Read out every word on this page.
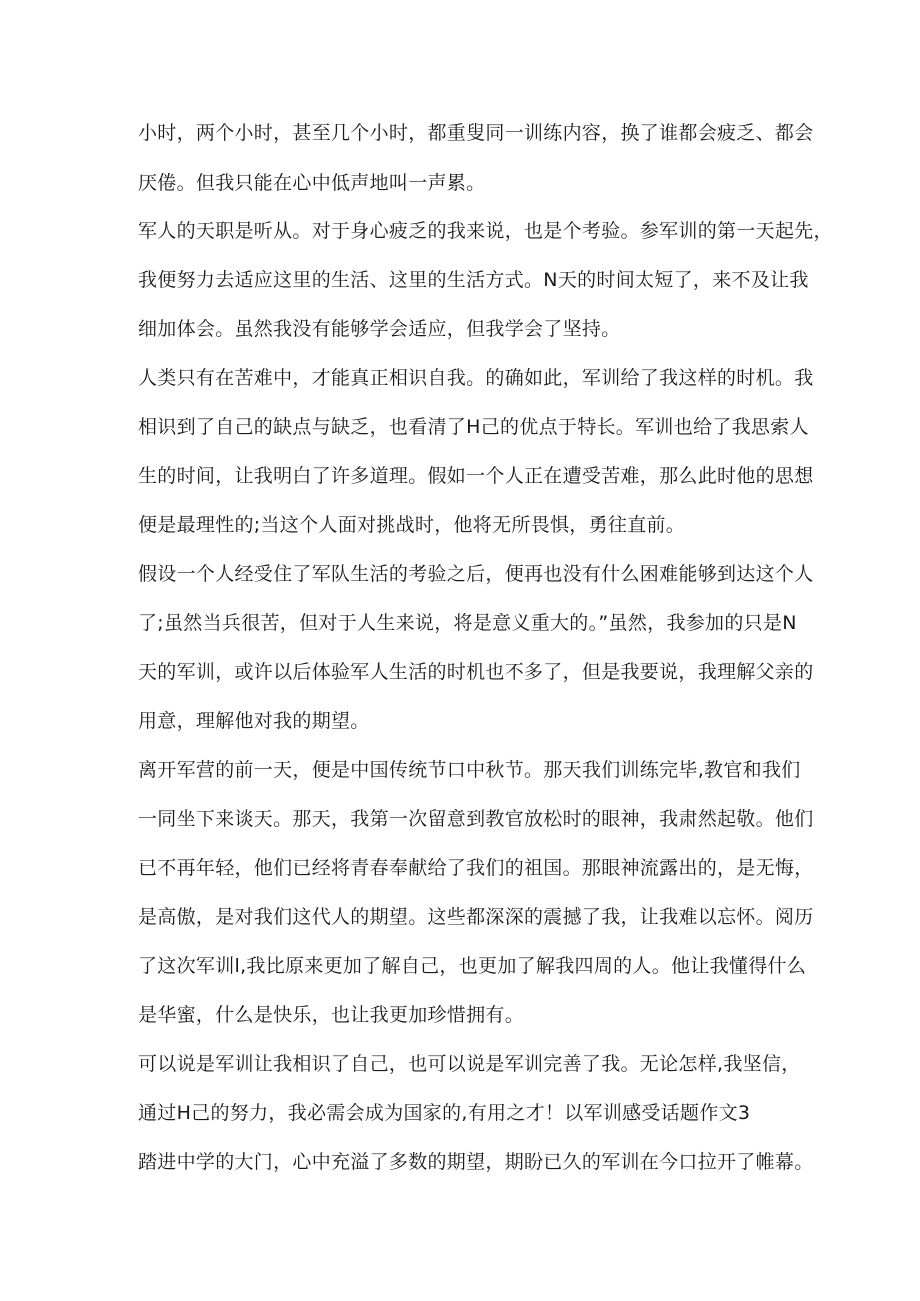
小时，两个小时，甚至几个小时，都重叟同一训练内容，换了谁都会疲乏、都会

厌倦。但我只能在心中低声地叫一声累。

军人的天职是听从。对于身心疲乏的我来说，也是个考验。参军训的第一天起先，

我便努力去适应这里的生活、这里的生活方式。N天的时间太短了，来不及让我

细加体会。虽然我没有能够学会适应，但我学会了坚持。

人类只有在苦难中，才能真正相识自我。的确如此，军训给了我这样的时机。我

相识到了自己的缺点与缺乏，也看清了H己的优点于特长。军训也给了我思索人

生的时间，让我明白了许多道理。假如一个人正在遭受苦难，那么此时他的思想

便是最理性的;当这个人面对挑战时，他将无所畏惧，勇往直前。

假设一个人经受住了军队生活的考验之后，便再也没有什么困难能够到达这个人

了;虽然当兵很苦，但对于人生来说，将是意义重大的。”虽然，我参加的只是N

天的军训，或许以后体验军人生活的时机也不多了，但是我要说，我理解父亲的

用意，理解他对我的期望。

离开军营的前一天，便是中国传统节口中秋节。那天我们训练完毕,教官和我们

一同坐下来谈天。那天，我第一次留意到教官放松时的眼神，我肃然起敬。他们

已不再年轻，他们已经将青春奉献给了我们的祖国。那眼神流露出的，是无悔，

是高傲，是对我们这代人的期望。这些都深深的震撼了我，让我难以忘怀。阅历

了这次军训l,我比原来更加了解自己，也更加了解我四周的人。他让我懂得什么

是华蜜，什么是快乐，也让我更加珍惜拥有。

可以说是军训让我相识了自己，也可以说是军训完善了我。无论怎样,我坚信，

通过H己的努力，我必需会成为国家的,有用之才！以军训感受话题作文3

踏进中学的大门，心中充溢了多数的期望，期盼已久的军训在今口拉开了帷幕。
